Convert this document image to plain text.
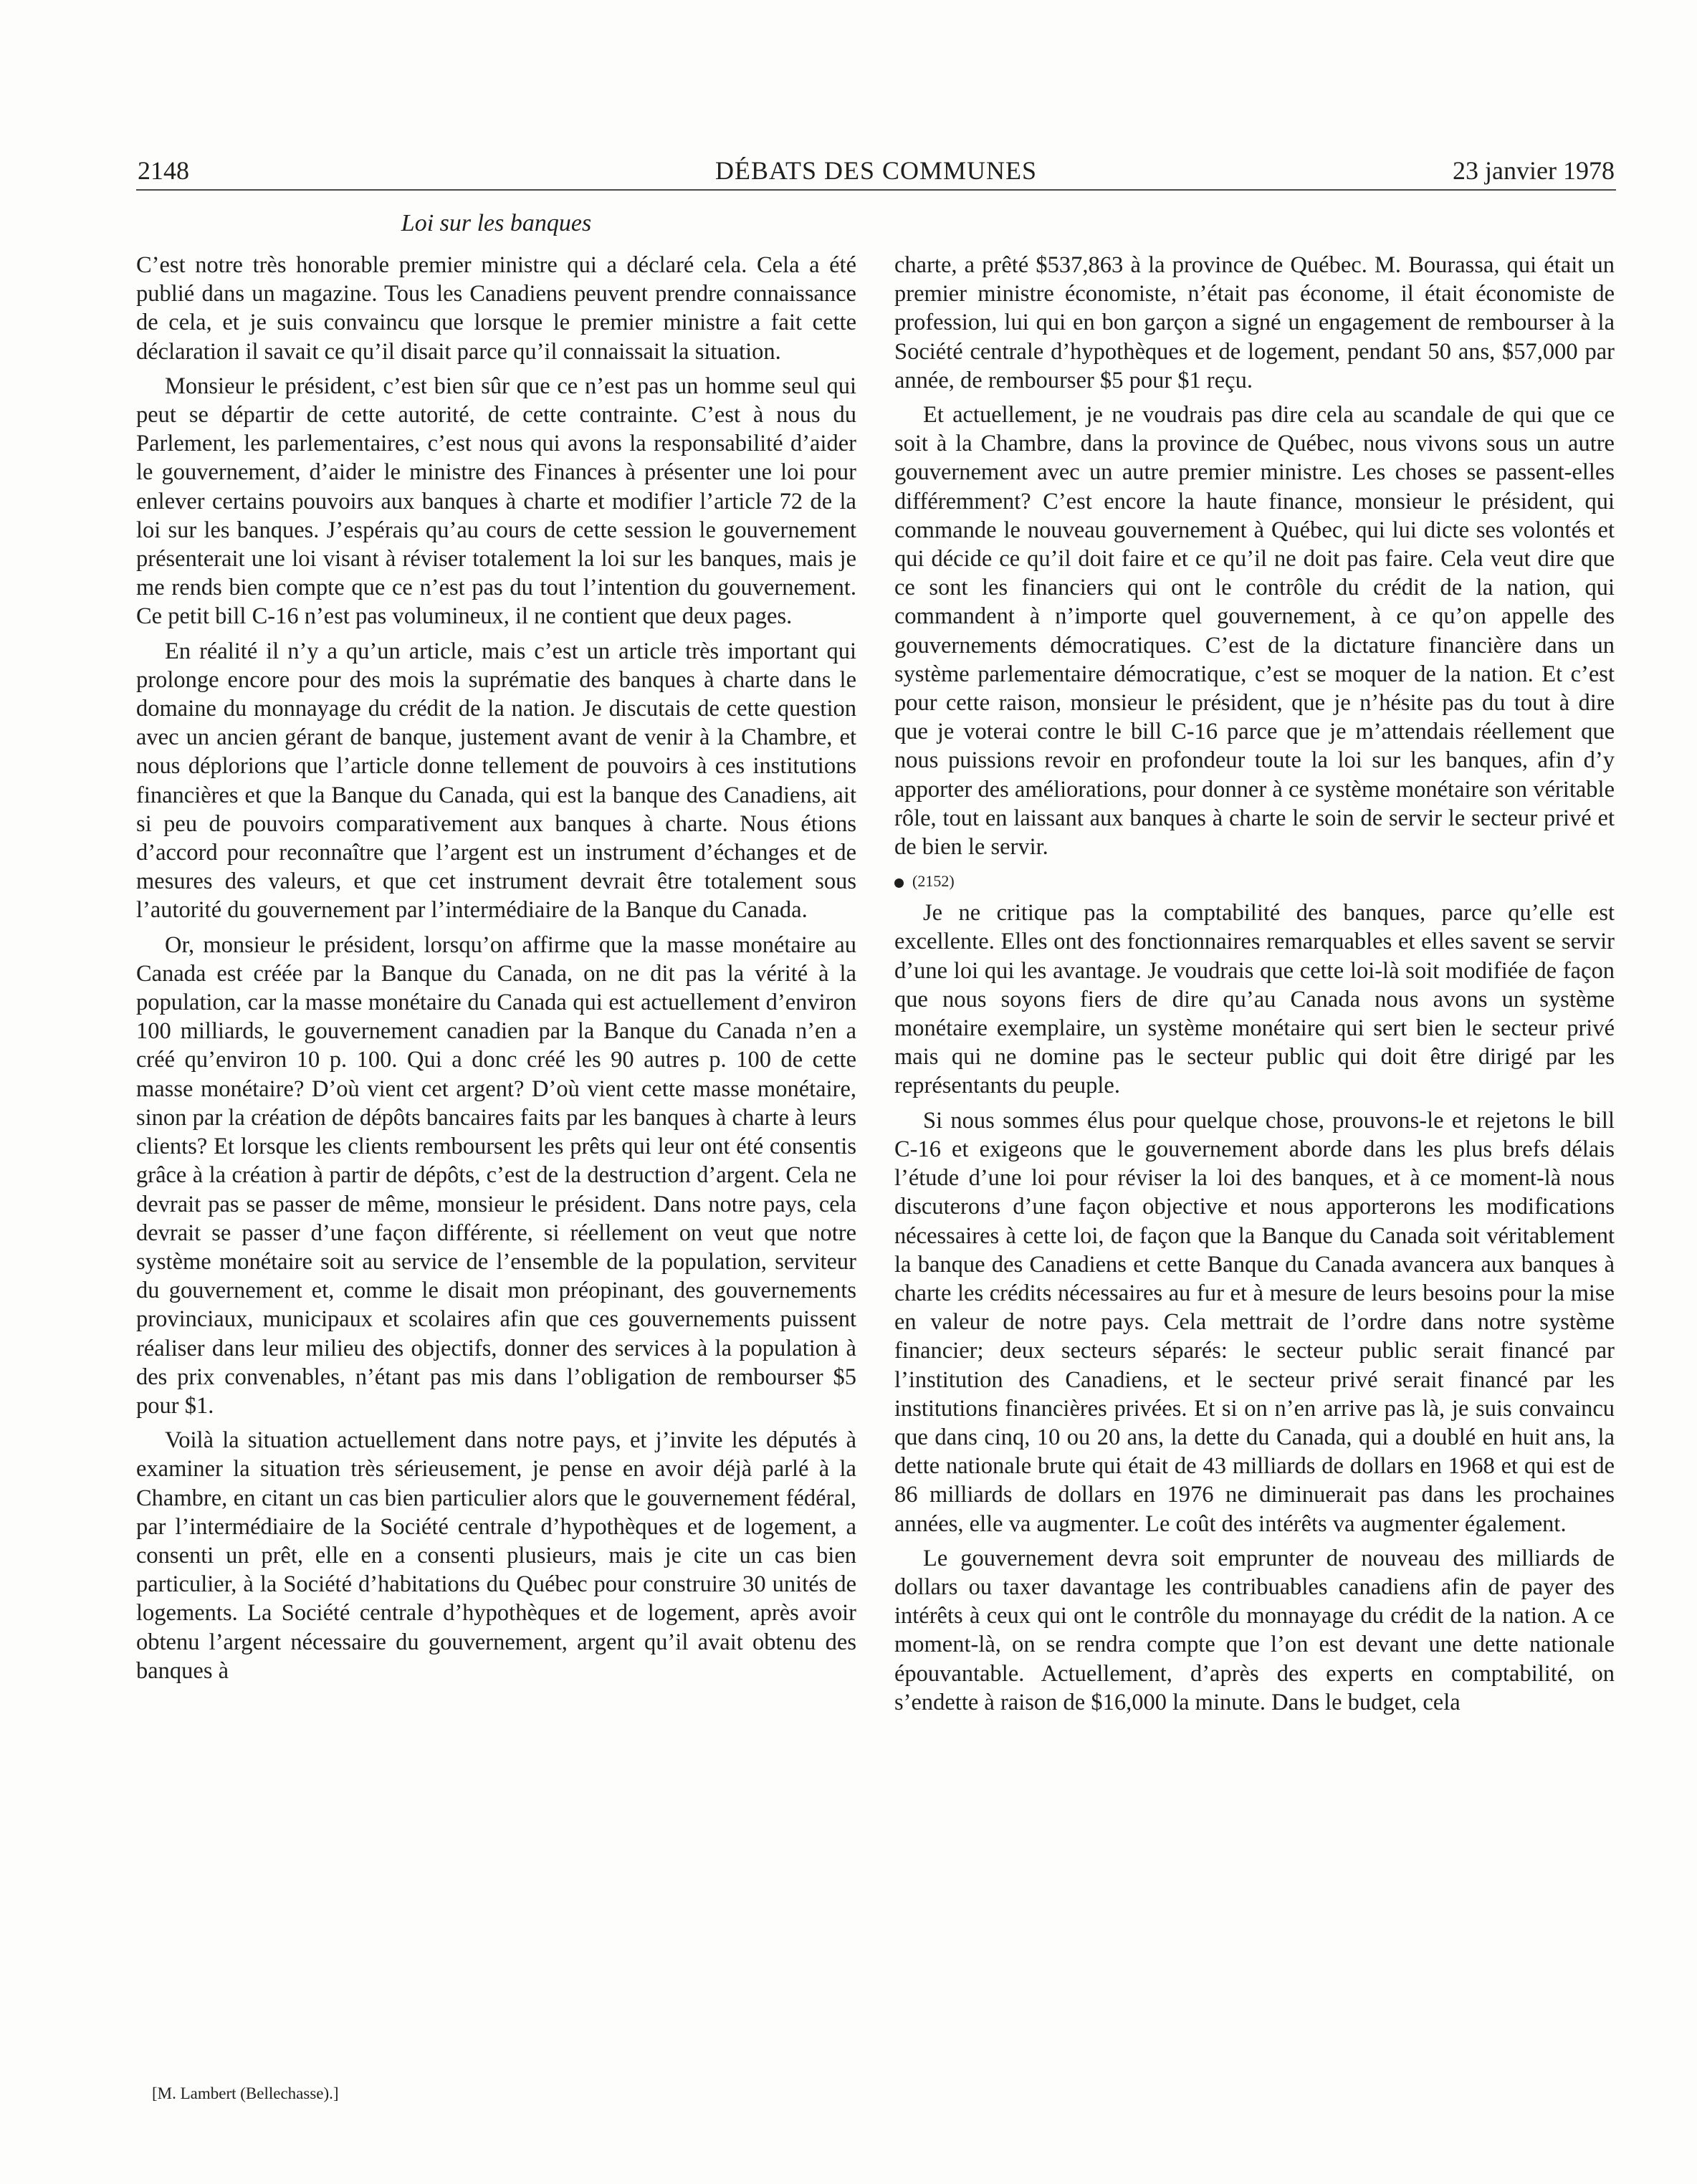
2148	DÉBATS DES COMMUNES	23 janvier 1978
Loi sur les banques

C’est notre très honorable premier ministre qui a déclaré cela. Cela a été publié dans un magazine. Tous les Canadiens peuvent prendre connaissance de cela, et je suis convaincu que lorsque le premier ministre a fait cette déclaration il savait ce qu’il disait parce qu’il connaissait la situation.

Monsieur le président, c’est bien sûr que ce n’est pas un homme seul qui peut se départir de cette autorité, de cette contrainte. C’est à nous du Parlement, les parlementaires, c’est nous qui avons la responsabilité d’aider le gouvernement, d’aider le ministre des Finances à présenter une loi pour enlever certains pouvoirs aux banques à charte et modifier l’article 72 de la loi sur les banques. J’espérais qu’au cours de cette session le gouvernement présenterait une loi visant à réviser totalement la loi sur les banques, mais je me rends bien compte que ce n’est pas du tout l’intention du gouvernement. Ce petit bill C-16 n’est pas volumineux, il ne contient que deux pages.

En réalité il n’y a qu’un article, mais c’est un article très important qui prolonge encore pour des mois la suprématie des banques à charte dans le domaine du monnayage du crédit de la nation. Je discutais de cette question avec un ancien gérant de banque, justement avant de venir à la Chambre, et nous déplorions que l’article donne tellement de pouvoirs à ces institutions financières et que la Banque du Canada, qui est la banque des Canadiens, ait si peu de pouvoirs comparativement aux banques à charte. Nous étions d’accord pour reconnaître que l’argent est un instrument d’échanges et de mesures des valeurs, et que cet instrument devrait être totalement sous l’autorité du gouvernement par l’intermédiaire de la Banque du Canada.

Or, monsieur le président, lorsqu’on affirme que la masse monétaire au Canada est créée par la Banque du Canada, on ne dit pas la vérité à la population, car la masse monétaire du Canada qui est actuellement d’environ 100 milliards, le gouvernement canadien par la Banque du Canada n’en a créé qu’environ 10 p. 100. Qui a donc créé les 90 autres p. 100 de cette masse monétaire? D’où vient cet argent? D’où vient cette masse monétaire, sinon par la création de dépôts bancaires faits par les banques à charte à leurs clients? Et lorsque les clients remboursent les prêts qui leur ont été consentis grâce à la création à partir de dépôts, c’est de la destruction d’argent. Cela ne devrait pas se passer de même, monsieur le président. Dans notre pays, cela devrait se passer d’une façon différente, si réellement on veut que notre système monétaire soit au service de l’ensemble de la population, serviteur du gouvernement et, comme le disait mon préopinant, des gouvernements provinciaux, municipaux et scolaires afin que ces gouvernements puissent réaliser dans leur milieu des objectifs, donner des services à la population à des prix convenables, n’étant pas mis dans l’obligation de rembourser $5 pour $1.

Voilà la situation actuellement dans notre pays, et j’invite les députés à examiner la situation très sérieusement, je pense en avoir déjà parlé à la Chambre, en citant un cas bien particulier alors que le gouvernement fédéral, par l’intermédiaire de la Société centrale d’hypothèques et de logement, a consenti un prêt, elle en a consenti plusieurs, mais je cite un cas bien particulier, à la Société d’habitations du Québec pour construire 30 unités de logements. La Société centrale d’hypothèques et de logement, après avoir obtenu l’argent nécessaire du gouvernement, argent qu’il avait obtenu des banques à

charte, a prêté $537,863 à la province de Québec. M. Bourassa, qui était un premier ministre économiste, n’était pas économe, il était économiste de profession, lui qui en bon garçon a signé un engagement de rembourser à la Société centrale d’hypothèques et de logement, pendant 50 ans, $57,000 par année, de rembourser $5 pour $1 reçu.

Et actuellement, je ne voudrais pas dire cela au scandale de qui que ce soit à la Chambre, dans la province de Québec, nous vivons sous un autre gouvernement avec un autre premier ministre. Les choses se passent-elles différemment? C’est encore la haute finance, monsieur le président, qui commande le nouveau gouvernement à Québec, qui lui dicte ses volontés et qui décide ce qu’il doit faire et ce qu’il ne doit pas faire. Cela veut dire que ce sont les financiers qui ont le contrôle du crédit de la nation, qui commandent à n’importe quel gouvernement, à ce qu’on appelle des gouvernements démocratiques. C’est de la dictature financière dans un système parlementaire démocratique, c’est se moquer de la nation. Et c’est pour cette raison, monsieur le président, que je n’hésite pas du tout à dire que je voterai contre le bill C-16 parce que je m’attendais réellement que nous puissions revoir en profondeur toute la loi sur les banques, afin d’y apporter des améliorations, pour donner à ce système monétaire son véritable rôle, tout en laissant aux banques à charte le soin de servir le secteur privé et de bien le servir.

(2152)

Je ne critique pas la comptabilité des banques, parce qu’elle est excellente. Elles ont des fonctionnaires remarquables et elles savent se servir d’une loi qui les avantage. Je voudrais que cette loi-là soit modifiée de façon que nous soyons fiers de dire qu’au Canada nous avons un système monétaire exemplaire, un système monétaire qui sert bien le secteur privé mais qui ne domine pas le secteur public qui doit être dirigé par les représentants du peuple.

Si nous sommes élus pour quelque chose, prouvons-le et rejetons le bill C-16 et exigeons que le gouvernement aborde dans les plus brefs délais l’étude d’une loi pour réviser la loi des banques, et à ce moment-là nous discuterons d’une façon objective et nous apporterons les modifications nécessaires à cette loi, de façon que la Banque du Canada soit véritablement la banque des Canadiens et cette Banque du Canada avancera aux banques à charte les crédits nécessaires au fur et à mesure de leurs besoins pour la mise en valeur de notre pays. Cela mettrait de l’ordre dans notre système financier; deux secteurs séparés: le secteur public serait financé par l’institution des Canadiens, et le secteur privé serait financé par les institutions financières privées. Et si on n’en arrive pas là, je suis convaincu que dans cinq, 10 ou 20 ans, la dette du Canada, qui a doublé en huit ans, la dette nationale brute qui était de 43 milliards de dollars en 1968 et qui est de 86 milliards de dollars en 1976 ne diminuerait pas dans les prochaines années, elle va augmenter. Le coût des intérêts va augmenter également.

Le gouvernement devra soit emprunter de nouveau des milliards de dollars ou taxer davantage les contribuables canadiens afin de payer des intérêts à ceux qui ont le contrôle du monnayage du crédit de la nation. A ce moment-là, on se rendra compte que l’on est devant une dette nationale épouvantable. Actuellement, d’après des experts en comptabilité, on s’endette à raison de $16,000 la minute. Dans le budget, cela

[M. Lambert (Bellechasse).]
